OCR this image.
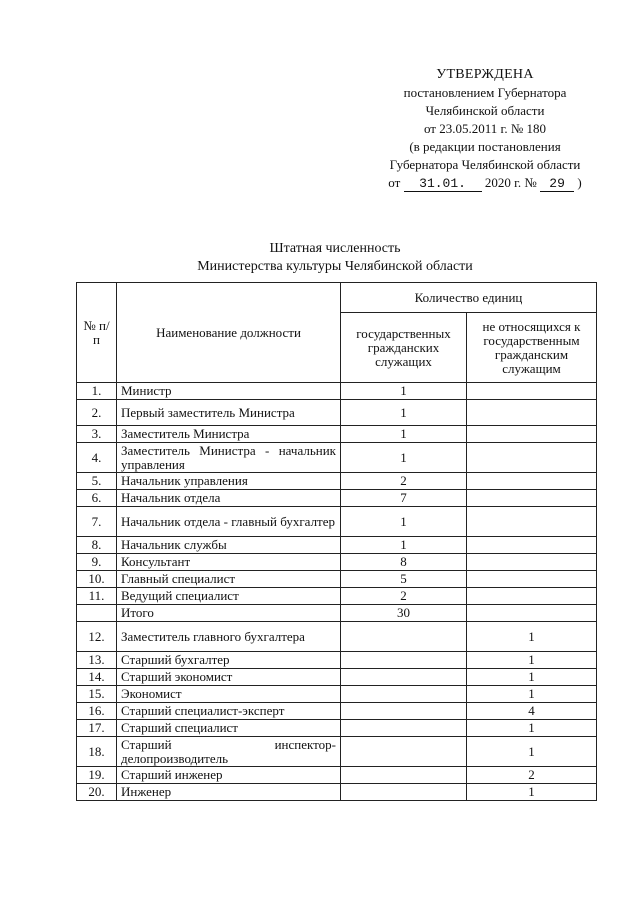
УТВЕРЖДЕНА
постановлением Губернатора
Челябинской области
от 23.05.2011 г. № 180
(в редакции постановления
Губернатора Челябинской области
от 31.01. 2020 г. № 29 )
Штатная численность
Министерства культуры Челябинской области
№ п/п	Наименование должности	Количество единиц	
		государственных гражданских служащих	не относящихся к государственным гражданским служащим
1.	Министр	1	
2.	Первый заместитель Министра	1	
3.	Заместитель Министра	1	
4.	Заместитель Министра - начальник управления	1	
5.	Начальник управления	2	
6.	Начальник отдела	7	
7.	Начальник отдела - главный бухгалтер	1	
8.	Начальник службы	1	
9.	Консультант	8	
10.	Главный специалист	5	
11.	Ведущий специалист	2	
	Итого	30	
12.	Заместитель главного бухгалтера		1
13.	Старший бухгалтер		1
14.	Старший экономист		1
15.	Экономист		1
16.	Старший специалист-эксперт		4
17.	Старший специалист		1
18.	Старший инспектор-делопроизводитель		1
19.	Старший инженер		2
20.	Инженер		1
